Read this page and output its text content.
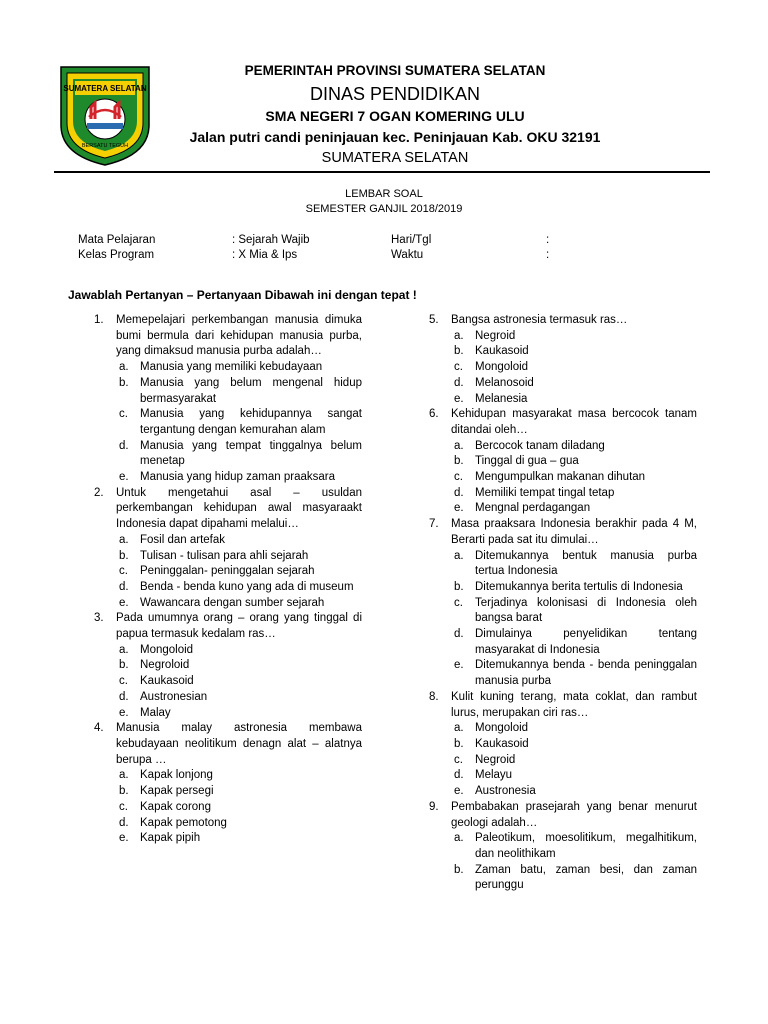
SUMATERA SELATAN
BERSATU TEGUH
PEMERINTAH PROVINSI SUMATERA SELATAN
DINAS PENDIDIKAN
SMA NEGERI 7 OGAN KOMERING ULU
Jalan putri candi peninjauan kec. Peninjauan Kab. OKU 32191
SUMATERA SELATAN
LEMBAR SOAL
SEMESTER GANJIL 2018/2019
Mata Pelajaran	: Sejarah Wajib	Hari/Tgl	:
Kelas Program	: X Mia & Ips	Waktu	:
Jawablah Pertanyan – Pertanyaan Dibawah ini dengan tepat !
1. Memepelajari perkembangan manusia dimuka bumi bermula dari kehidupan manusia purba, yang dimaksud manusia purba adalah…
a. Manusia yang memiliki kebudayaan
b. Manusia yang belum mengenal hidup bermasyarakat
c. Manusia yang kehidupannya sangat tergantung dengan kemurahan alam
d. Manusia yang tempat tinggalnya belum menetap
e. Manusia yang hidup zaman praaksara
2. Untuk mengetahui asal – usuldan perkembangan kehidupan awal masyaraakt Indonesia dapat dipahami melalui…
a. Fosil dan artefak
b. Tulisan - tulisan para ahli sejarah
c. Peninggalan- peninggalan sejarah
d. Benda - benda kuno yang ada di museum
e. Wawancara dengan sumber sejarah
3. Pada umumnya orang – orang yang tinggal di papua termasuk kedalam ras…
a. Mongoloid
b. Negroloid
c. Kaukasoid
d. Austronesian
e. Malay
4. Manusia malay astronesia membawa kebudayaan neolitikum denagn alat – alatnya berupa …
a. Kapak lonjong
b. Kapak persegi
c. Kapak corong
d. Kapak pemotong
e. Kapak pipih
5. Bangsa astronesia termasuk ras…
a. Negroid
b. Kaukasoid
c. Mongoloid
d. Melanosoid
e. Melanesia
6. Kehidupan masyarakat masa bercocok tanam ditandai oleh…
a. Bercocok tanam diladang
b. Tinggal di gua – gua
c. Mengumpulkan makanan dihutan
d. Memiliki tempat tingal tetap
e. Mengnal perdagangan
7. Masa praaksara Indonesia berakhir pada 4 M, Berarti pada sat itu dimulai…
a. Ditemukannya bentuk manusia purba tertua Indonesia
b. Ditemukannya berita tertulis di Indonesia
c. Terjadinya kolonisasi di Indonesia oleh bangsa barat
d. Dimulainya penyelidikan tentang masyarakat di Indonesia
e. Ditemukannya benda - benda peninggalan manusia purba
8. Kulit kuning terang, mata coklat, dan rambut lurus, merupakan ciri ras…
a. Mongoloid
b. Kaukasoid
c. Negroid
d. Melayu
e. Austronesia
9. Pembabakan prasejarah yang benar menurut geologi adalah…
a. Paleotikum, moesolitikum, megalhitikum, dan neolithikam
b. Zaman batu, zaman besi, dan zaman perunggu
